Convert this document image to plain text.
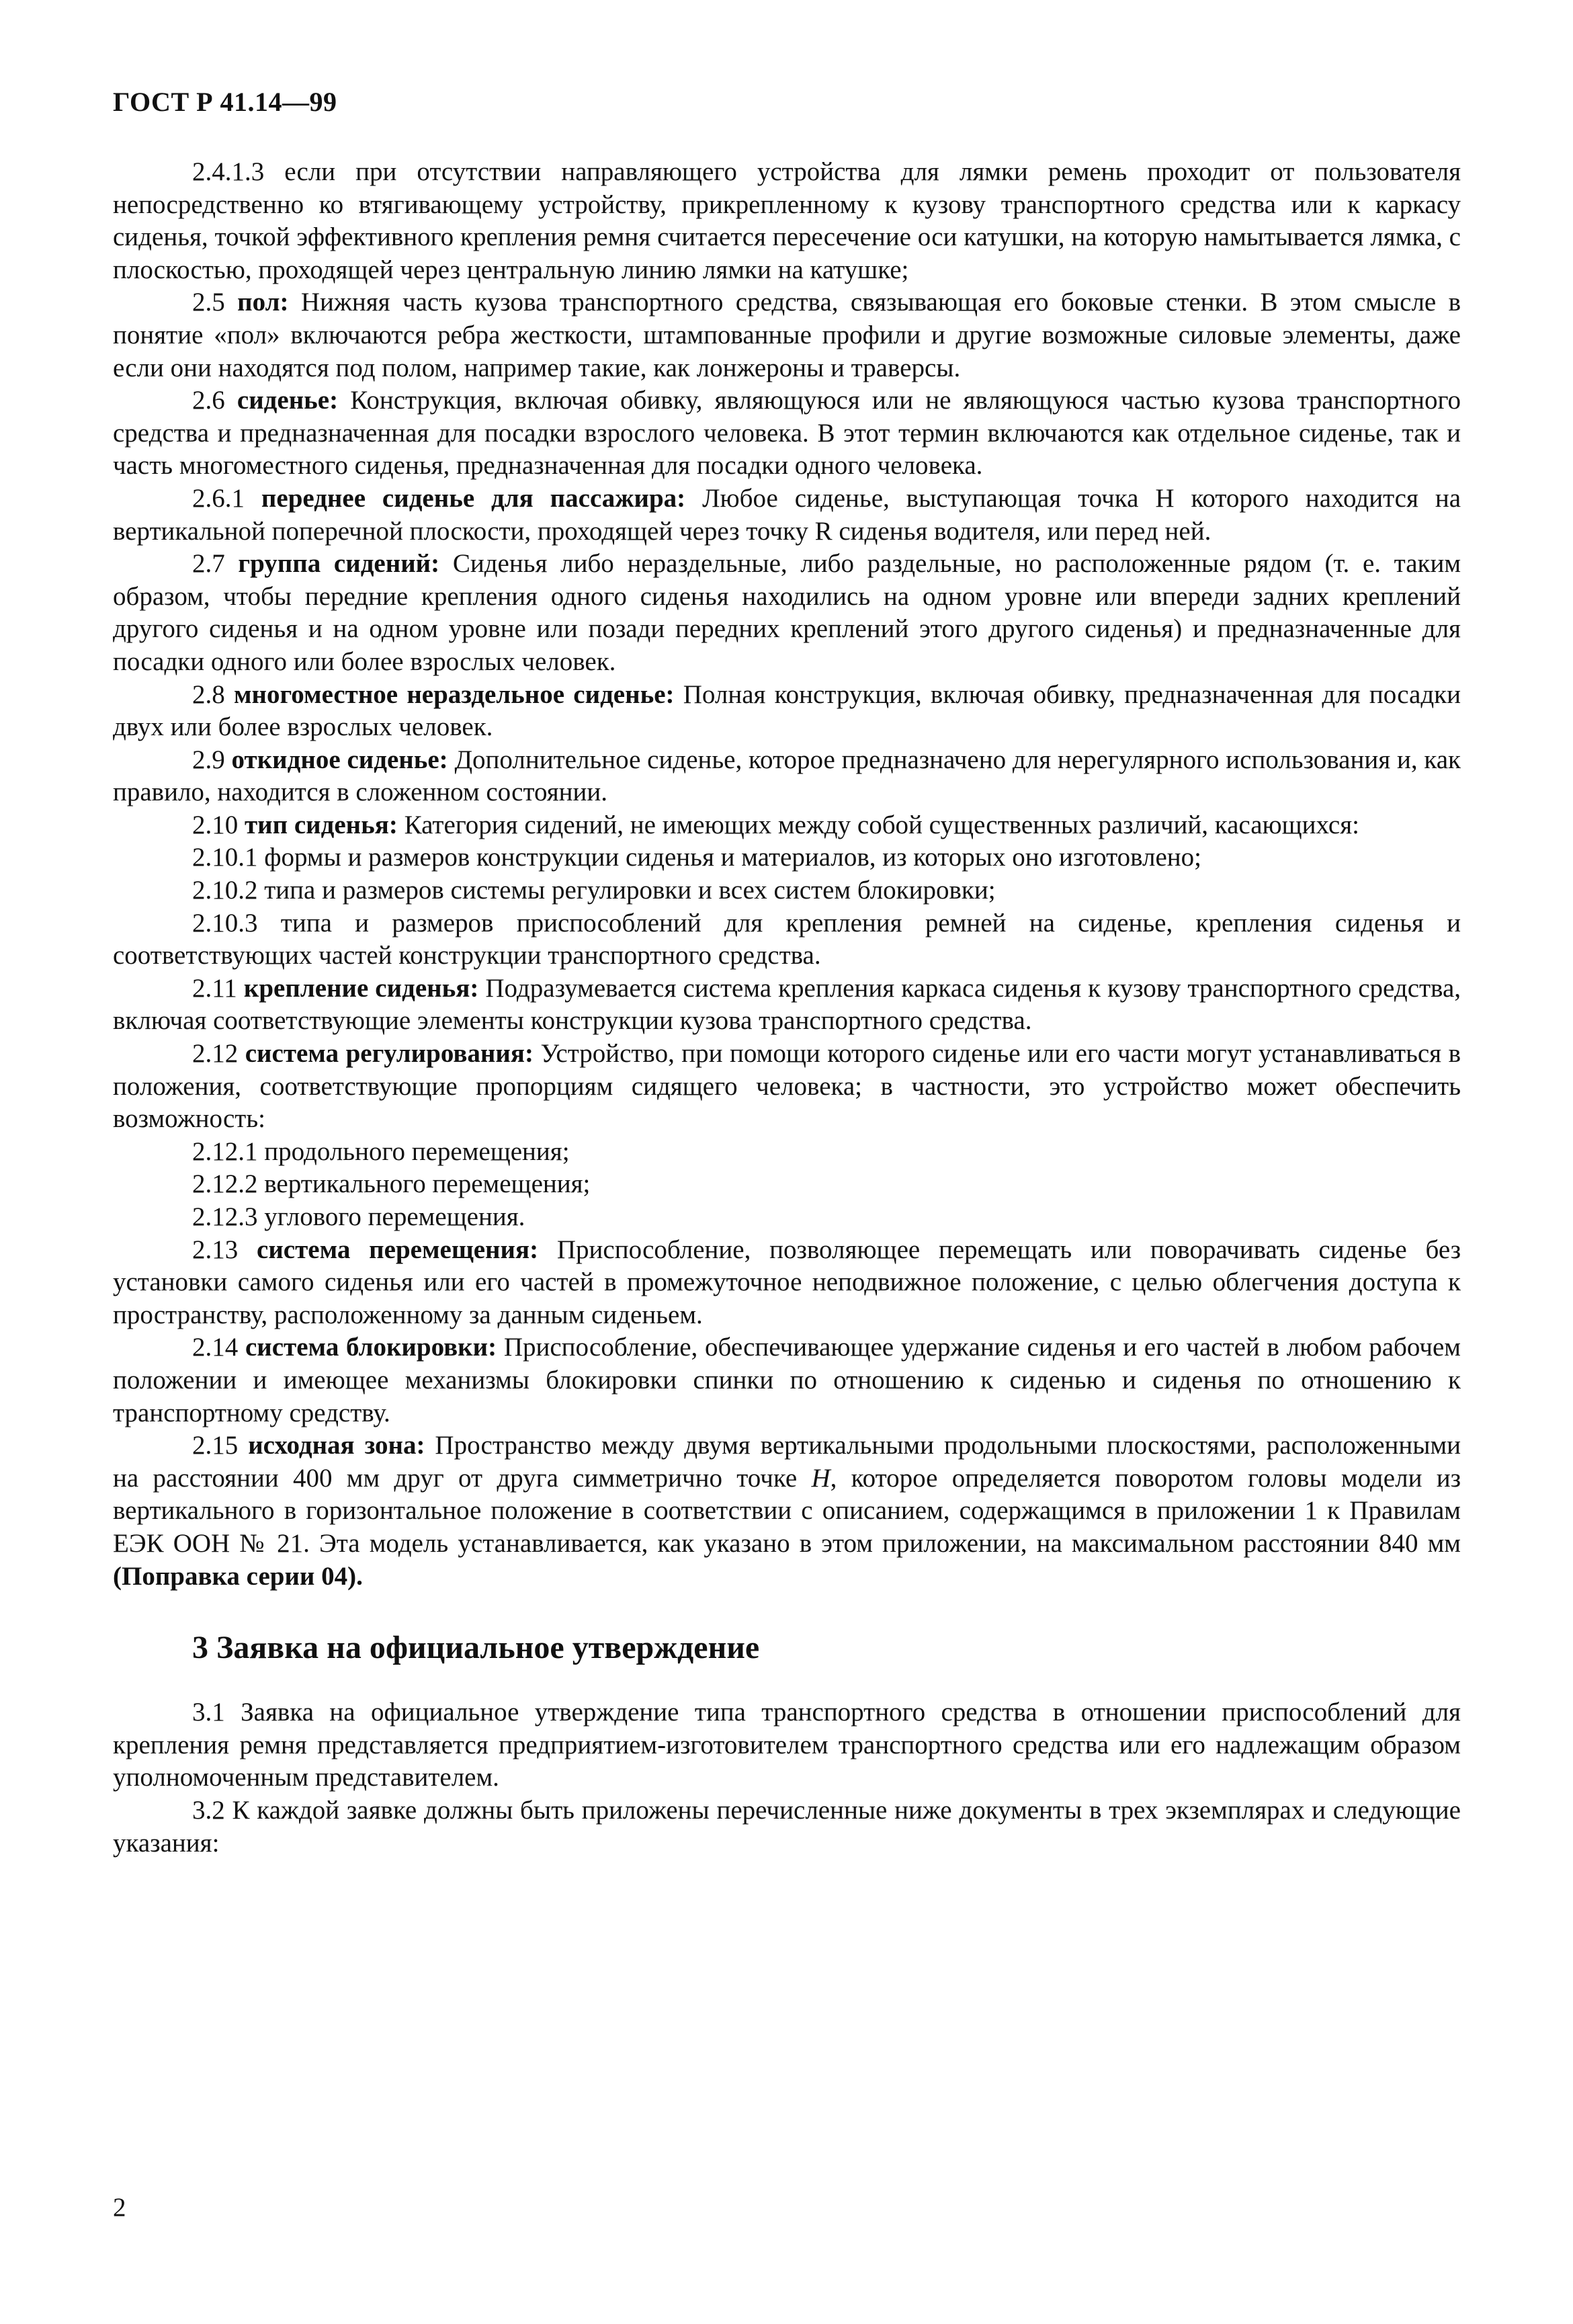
ГОСТ Р 41.14—99

2.4.1.3 если при отсутствии направляющего устройства для лямки ремень проходит от пользователя непосредственно ко втягивающему устройству, прикрепленному к кузову транспортного средства или к каркасу сиденья, точкой эффективного крепления ремня считается пересечение оси катушки, на которую намытывается лямка, с плоскостью, проходящей через центральную линию лямки на катушке;

2.5 пол: Нижняя часть кузова транспортного средства, связывающая его боковые стенки. В этом смысле в понятие «пол» включаются ребра жесткости, штампованные профили и другие возможные силовые элементы, даже если они находятся под полом, например такие, как лонжероны и траверсы.

2.6 сиденье: Конструкция, включая обивку, являющуюся или не являющуюся частью кузова транспортного средства и предназначенная для посадки взрослого человека. В этот термин включаются как отдельное сиденье, так и часть многоместного сиденья, предназначенная для посадки одного человека.

2.6.1 переднее сиденье для пассажира: Любое сиденье, выступающая точка Н которого находится на вертикальной поперечной плоскости, проходящей через точку R сиденья водителя, или перед ней.

2.7 группа сидений: Сиденья либо нераздельные, либо раздельные, но расположенные рядом (т. е. таким образом, чтобы передние крепления одного сиденья находились на одном уровне или впереди задних креплений другого сиденья и на одном уровне или позади передних креплений этого другого сиденья) и предназначенные для посадки одного или более взрослых человек.

2.8 многоместное нераздельное сиденье: Полная конструкция, включая обивку, предназначенная для посадки двух или более взрослых человек.

2.9 откидное сиденье: Дополнительное сиденье, которое предназначено для нерегулярного использования и, как правило, находится в сложенном состоянии.

2.10 тип сиденья: Категория сидений, не имеющих между собой существенных различий, касающихся:

2.10.1 формы и размеров конструкции сиденья и материалов, из которых оно изготовлено;

2.10.2 типа и размеров системы регулировки и всех систем блокировки;

2.10.3 типа и размеров приспособлений для крепления ремней на сиденье, крепления сиденья и соответствующих частей конструкции транспортного средства.

2.11 крепление сиденья: Подразумевается система крепления каркаса сиденья к кузову транспортного средства, включая соответствующие элементы конструкции кузова транспортного средства.

2.12 система регулирования: Устройство, при помощи которого сиденье или его части могут устанавливаться в положения, соответствующие пропорциям сидящего человека; в частности, это устройство может обеспечить возможность:

2.12.1 продольного перемещения;

2.12.2 вертикального перемещения;

2.12.3 углового перемещения.

2.13 система перемещения: Приспособление, позволяющее перемещать или поворачивать сиденье без установки самого сиденья или его частей в промежуточное неподвижное положение, с целью облегчения доступа к пространству, расположенному за данным сиденьем.

2.14 система блокировки: Приспособление, обеспечивающее удержание сиденья и его частей в любом рабочем положении и имеющее механизмы блокировки спинки по отношению к сиденью и сиденья по отношению к транспортному средству.

2.15 исходная зона: Пространство между двумя вертикальными продольными плоскостями, расположенными на расстоянии 400 мм друг от друга симметрично точке H, которое определяется поворотом головы модели из вертикального в горизонтальное положение в соответствии с описанием, содержащимся в приложении 1 к Правилам ЕЭК ООН № 21. Эта модель устанавливается, как указано в этом приложении, на максимальном расстоянии 840 мм (Поправка серии 04).

3 Заявка на официальное утверждение

3.1 Заявка на официальное утверждение типа транспортного средства в отношении приспособлений для крепления ремня представляется предприятием-изготовителем транспортного средства или его надлежащим образом уполномоченным представителем.

3.2 К каждой заявке должны быть приложены перечисленные ниже документы в трех экземплярах и следующие указания:

2
